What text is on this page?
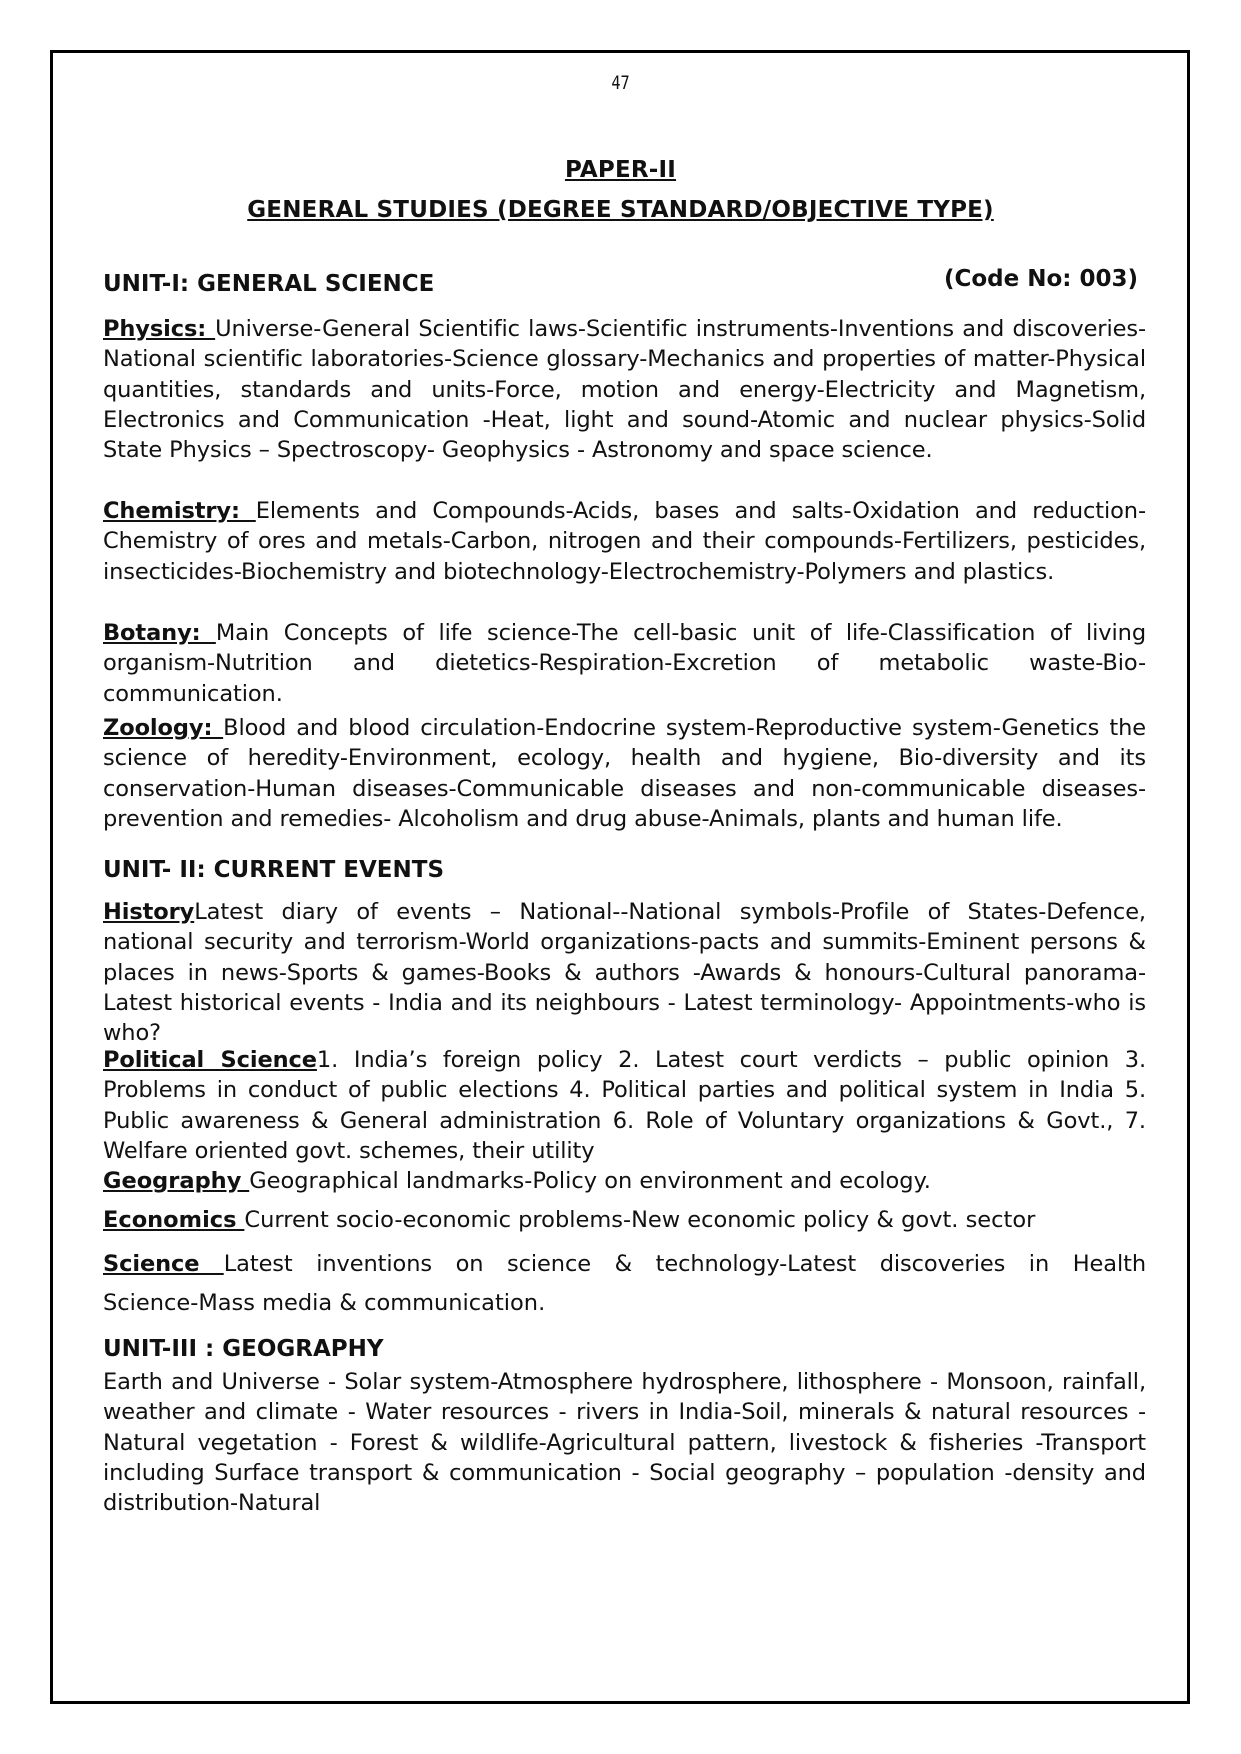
47
PAPER-II
GENERAL STUDIES (DEGREE STANDARD/OBJECTIVE TYPE)
(Code No: 003)
UNIT-I: GENERAL SCIENCE
Physics: Universe-General Scientific laws-Scientific instruments-Inventions and discoveries-National scientific laboratories-Science glossary-Mechanics and properties of matter-Physical quantities, standards and units-Force, motion and energy-Electricity and Magnetism, Electronics and Communication -Heat, light and sound-Atomic and nuclear physics-Solid State Physics – Spectroscopy- Geophysics - Astronomy and space science.
Chemistry: Elements and Compounds-Acids, bases and salts-Oxidation and reduction-Chemistry of ores and metals-Carbon, nitrogen and their compounds-Fertilizers, pesticides, insecticides-Biochemistry and biotechnology-Electrochemistry-Polymers and plastics.
Botany: Main Concepts of life science-The cell-basic unit of life-Classification of living organism-Nutrition and dietetics-Respiration-Excretion of metabolic waste-Bio-communication.
Zoology: Blood and blood circulation-Endocrine system-Reproductive system-Genetics the science of heredity-Environment, ecology, health and hygiene, Bio-diversity and its conservation-Human diseases-Communicable diseases and non-communicable diseases- prevention and remedies- Alcoholism and drug abuse-Animals, plants and human life.
UNIT- II: CURRENT EVENTS
HistoryLatest diary of events – National--National symbols-Profile of States-Defence, national security and terrorism-World organizations-pacts and summits-Eminent persons & places in news-Sports & games-Books & authors -Awards & honours-Cultural panorama-Latest historical events - India and its neighbours - Latest terminology- Appointments-who is who?
Political Science1. India’s foreign policy 2. Latest court verdicts – public opinion 3. Problems in conduct of public elections 4. Political parties and political system in India 5. Public awareness & General administration 6. Role of Voluntary organizations & Govt., 7. Welfare oriented govt. schemes, their utility
Geography Geographical landmarks-Policy on environment and ecology.
Economics Current socio-economic problems-New economic policy & govt. sector
Science Latest inventions on science & technology-Latest discoveries in Health
Science-Mass media & communication.
UNIT-III : GEOGRAPHY
Earth and Universe - Solar system-Atmosphere hydrosphere, lithosphere - Monsoon, rainfall, weather and climate - Water resources - rivers in India-Soil, minerals & natural resources - Natural vegetation - Forest & wildlife-Agricultural pattern, livestock & fisheries -Transport including Surface transport & communication - Social geography – population -density and distribution-Natural
